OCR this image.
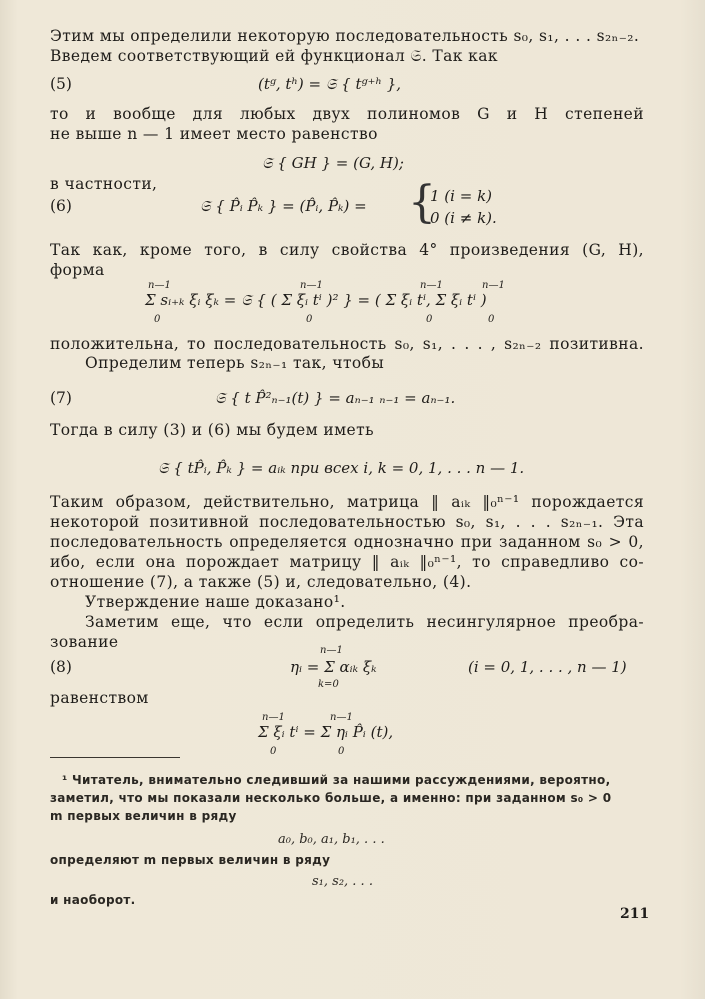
Этим мы определили некоторую последовательность s₀, s₁, . . . s₂ₙ₋₂.
Введем соответствующий ей функционал 𝔖. Так как
(5)	(tᵍ, tʰ) = 𝔖 { tᵍ⁺ʰ },
то и вообще для любых двух полиномов G и H степеней
не выше n — 1 имеет место равенство
𝔖 { GH } = (G, H);
в частности,
(6)	𝔖 { P̂ᵢ P̂ₖ } = (P̂ᵢ, P̂ₖ) = {
1 (i = k)
0 (i ≠ k).
Так как, кроме того, в силу свойства 4° произведения (G, H),
форма
n—1	n—1	n—1	n—1
Σ sᵢ₊ₖ ξᵢ ξₖ = 𝔖 { ( Σ ξᵢ tⁱ )² } = ( Σ ξᵢ tⁱ, Σ ξᵢ tⁱ )
0	0	0	0
положительна, то последовательность s₀, s₁, . . . , s₂ₙ₋₂ позитивна.
Определим теперь s₂ₙ₋₁ так, чтобы
(7)	𝔖 { t P̂²ₙ₋₁(t) } = aₙ₋₁ ₙ₋₁ = aₙ₋₁.
Тогда в силу (3) и (6) мы будем иметь
𝔖 { tP̂ᵢ, P̂ₖ } = aᵢₖ при всех i, k = 0, 1, . . . n — 1.
Таким образом, действительно, матрица ‖ aᵢₖ ‖₀ⁿ⁻¹ порождается
некоторой позитивной последовательностью s₀, s₁, . . . s₂ₙ₋₁. Эта
последовательность определяется однозначно при заданном s₀ > 0,
ибо, если она порождает матрицу ‖ aᵢₖ ‖₀ⁿ⁻¹, то справедливо со-
отношение (7), а также (5) и, следовательно, (4).
Утверждение наше доказано¹.
Заметим еще, что если определить несингулярное преобра-
зование	n—1
(8)	ηᵢ = Σ αᵢₖ ξₖ
k=0
(i = 0, 1, . . . , n — 1)
равенством
n—1	n—1
Σ ξᵢ tⁱ = Σ ηᵢ P̂ᵢ (t),
0	0
¹ Читатель, внимательно следивший за нашими рассуждениями, вероятно,
заметил, что мы показали несколько больше, а именно: при заданном s₀ > 0
m первых величин в ряду
a₀, b₀, a₁, b₁, . . .
определяют m первых величин в ряду
s₁, s₂, . . .
и наоборот.
211
